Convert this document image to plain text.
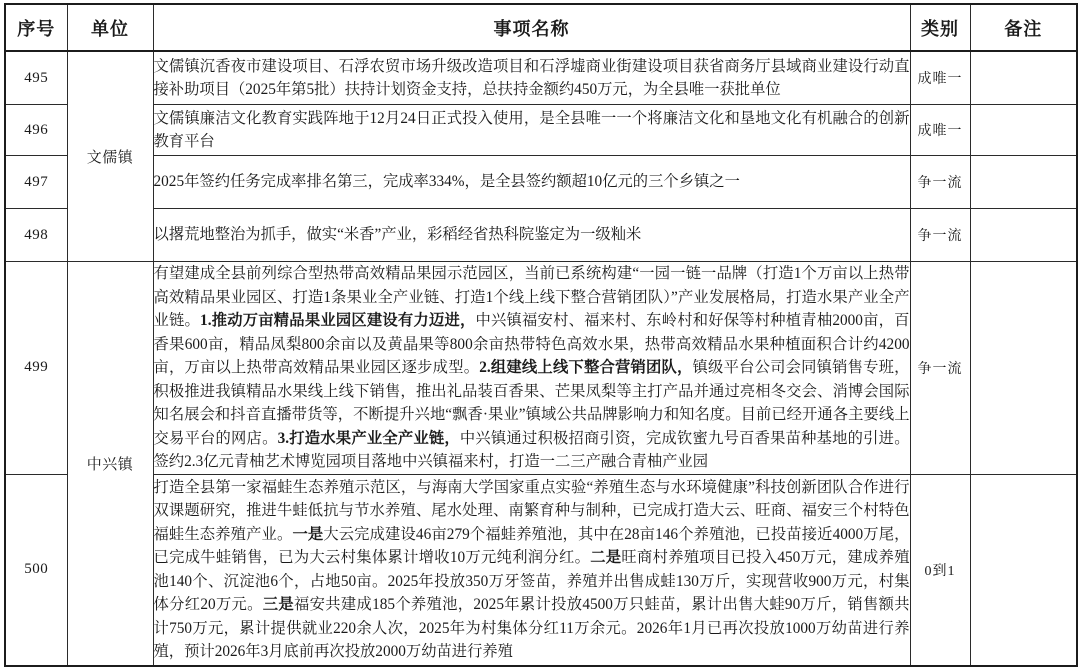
序号	单位	事项名称	类别	备注
495	文儒镇	文儒镇沉香夜市建设项目、石浮农贸市场升级改造项目和石浮墟商业街建设项目获省商务厅县域商业建设行动直接补助项目（2025年第5批）扶持计划资金支持，总扶持金额约450万元，为全县唯一获批单位	成唯一	
496		文儒镇廉洁文化教育实践阵地于12月24日正式投入使用，是全县唯一一个将廉洁文化和垦地文化有机融合的创新教育平台	成唯一	
497		2025年签约任务完成率排名第三，完成率334%，是全县签约额超10亿元的三个乡镇之一	争一流	
498		以撂荒地整治为抓手，做实“米香”产业，彩稻经省热科院鉴定为一级籼米	争一流	
499	中兴镇	有望建成全县前列综合型热带高效精品果园示范园区，当前已系统构建“一园一链一品牌（打造1个万亩以上热带高效精品果业园区、打造1条果业全产业链、打造1个线上线下整合营销团队）”产业发展格局，打造水果产业全产业链。1.推动万亩精品果业园区建设有力迈进，中兴镇福安村、福来村、东岭村和好保等村种植青柚2000亩，百香果600亩，精品凤梨800余亩以及黄晶果等800余亩热带特色高效水果，热带高效精品水果种植面积合计约4200亩，万亩以上热带高效精品果业园区逐步成型。2.组建线上线下整合营销团队，镇级平台公司会同镇销售专班，积极推进我镇精品水果线上线下销售，推出礼品装百香果、芒果凤梨等主打产品并通过亮相冬交会、消博会国际知名展会和抖音直播带货等，不断提升兴地“飘香·果业”镇域公共品牌影响力和知名度。目前已经开通各主要线上交易平台的网店。3.打造水果产业全产业链，中兴镇通过积极招商引资，完成钦蜜九号百香果苗种基地的引进。签约2.3亿元青柚艺术博览园项目落地中兴镇福来村，打造一二三产融合青柚产业园	争一流	
500		打造全县第一家福蛙生态养殖示范区，与海南大学国家重点实验“养殖生态与水环境健康”科技创新团队合作进行双课题研究，推进牛蛙低抗与节水养殖、尾水处理、南繁育种与制种，已完成打造大云、旺商、福安三个村特色福蛙生态养殖产业。一是大云完成建设46亩279个福蛙养殖池，其中在28亩146个养殖池，已投苗接近4000万尾，已完成牛蛙销售，已为大云村集体累计增收10万元纯利润分红。二是旺商村养殖项目已投入450万元，建成养殖池140个、沉淀池6个，占地50亩。2025年投放350万牙签苗，养殖并出售成蛙130万斤，实现营收900万元，村集体分红20万元。三是福安共建成185个养殖池，2025年累计投放4500万只蛙苗，累计出售大蛙90万斤，销售额共计750万元，累计提供就业220余人次，2025年为村集体分红11万余元。2026年1月已再次投放1000万幼苗进行养殖，预计2026年3月底前再次投放2000万幼苗进行养殖	0到1	
